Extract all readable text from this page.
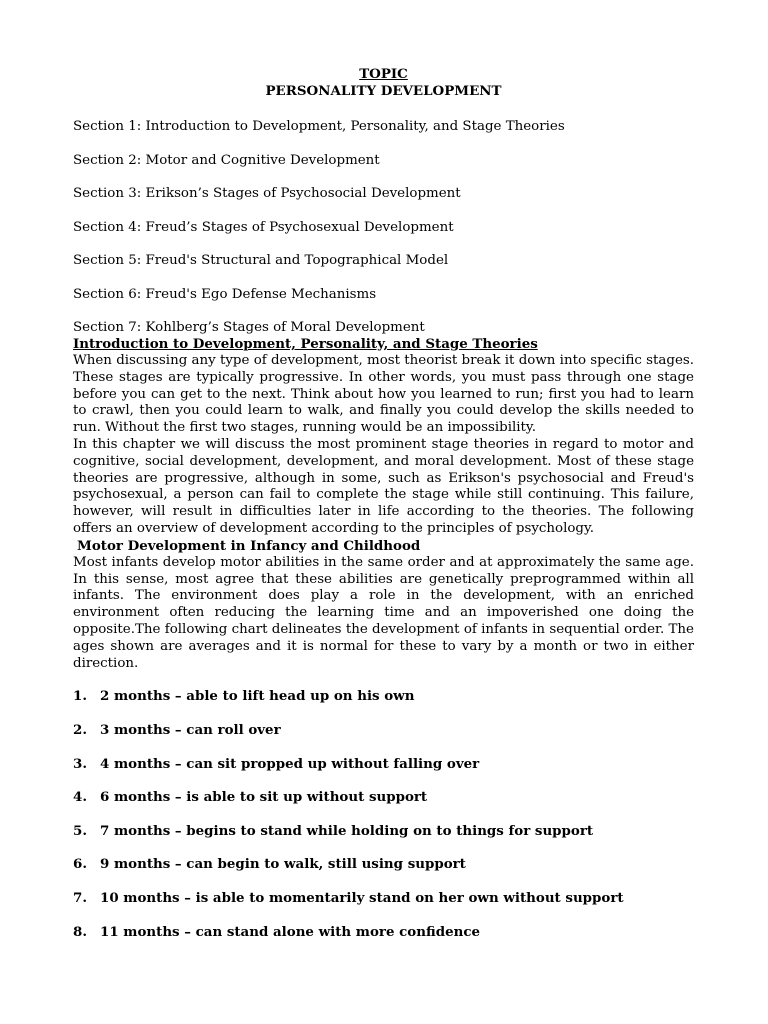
TOPIC
PERSONALITY DEVELOPMENT

Section 1: Introduction to Development, Personality, and Stage Theories

Section 2: Motor and Cognitive Development

Section 3: Erikson’s Stages of Psychosocial Development

Section 4: Freud’s Stages of Psychosexual Development

Section 5: Freud's Structural and Topographical Model

Section 6: Freud's Ego Defense Mechanisms

Section 7: Kohlberg’s Stages of Moral Development

Introduction to Development, Personality, and Stage Theories

When discussing any type of development, most theorist break it down into specific stages. These stages are typically progressive. In other words, you must pass through one stage before you can get to the next. Think about how you learned to run; first you had to learn to crawl, then you could learn to walk, and finally you could develop the skills needed to run. Without the first two stages, running would be an impossibility.

In this chapter we will discuss the most prominent stage theories in regard to motor and cognitive, social development, development, and moral development. Most of these stage theories are progressive, although in some, such as Erikson's psychosocial and Freud's psychosexual, a person can fail to complete the stage while still continuing. This failure, however, will result in difficulties later in life according to the theories. The following offers an overview of development according to the principles of psychology.

Motor Development in Infancy and Childhood

Most infants develop motor abilities in the same order and at approximately the same age. In this sense, most agree that these abilities are genetically preprogrammed within all infants. The environment does play a role in the development, with an enriched environment often reducing the learning time and an impoverished one doing the opposite.The following chart delineates the development of infants in sequential order. The ages shown are averages and it is normal for these to vary by a month or two in either direction.

1. 2 months – able to lift head up on his own
2. 3 months – can roll over
3. 4 months – can sit propped up without falling over
4. 6 months – is able to sit up without support
5. 7 months – begins to stand while holding on to things for support
6. 9 months – can begin to walk, still using support
7. 10 months – is able to momentarily stand on her own without support
8. 11 months – can stand alone with more confidence
